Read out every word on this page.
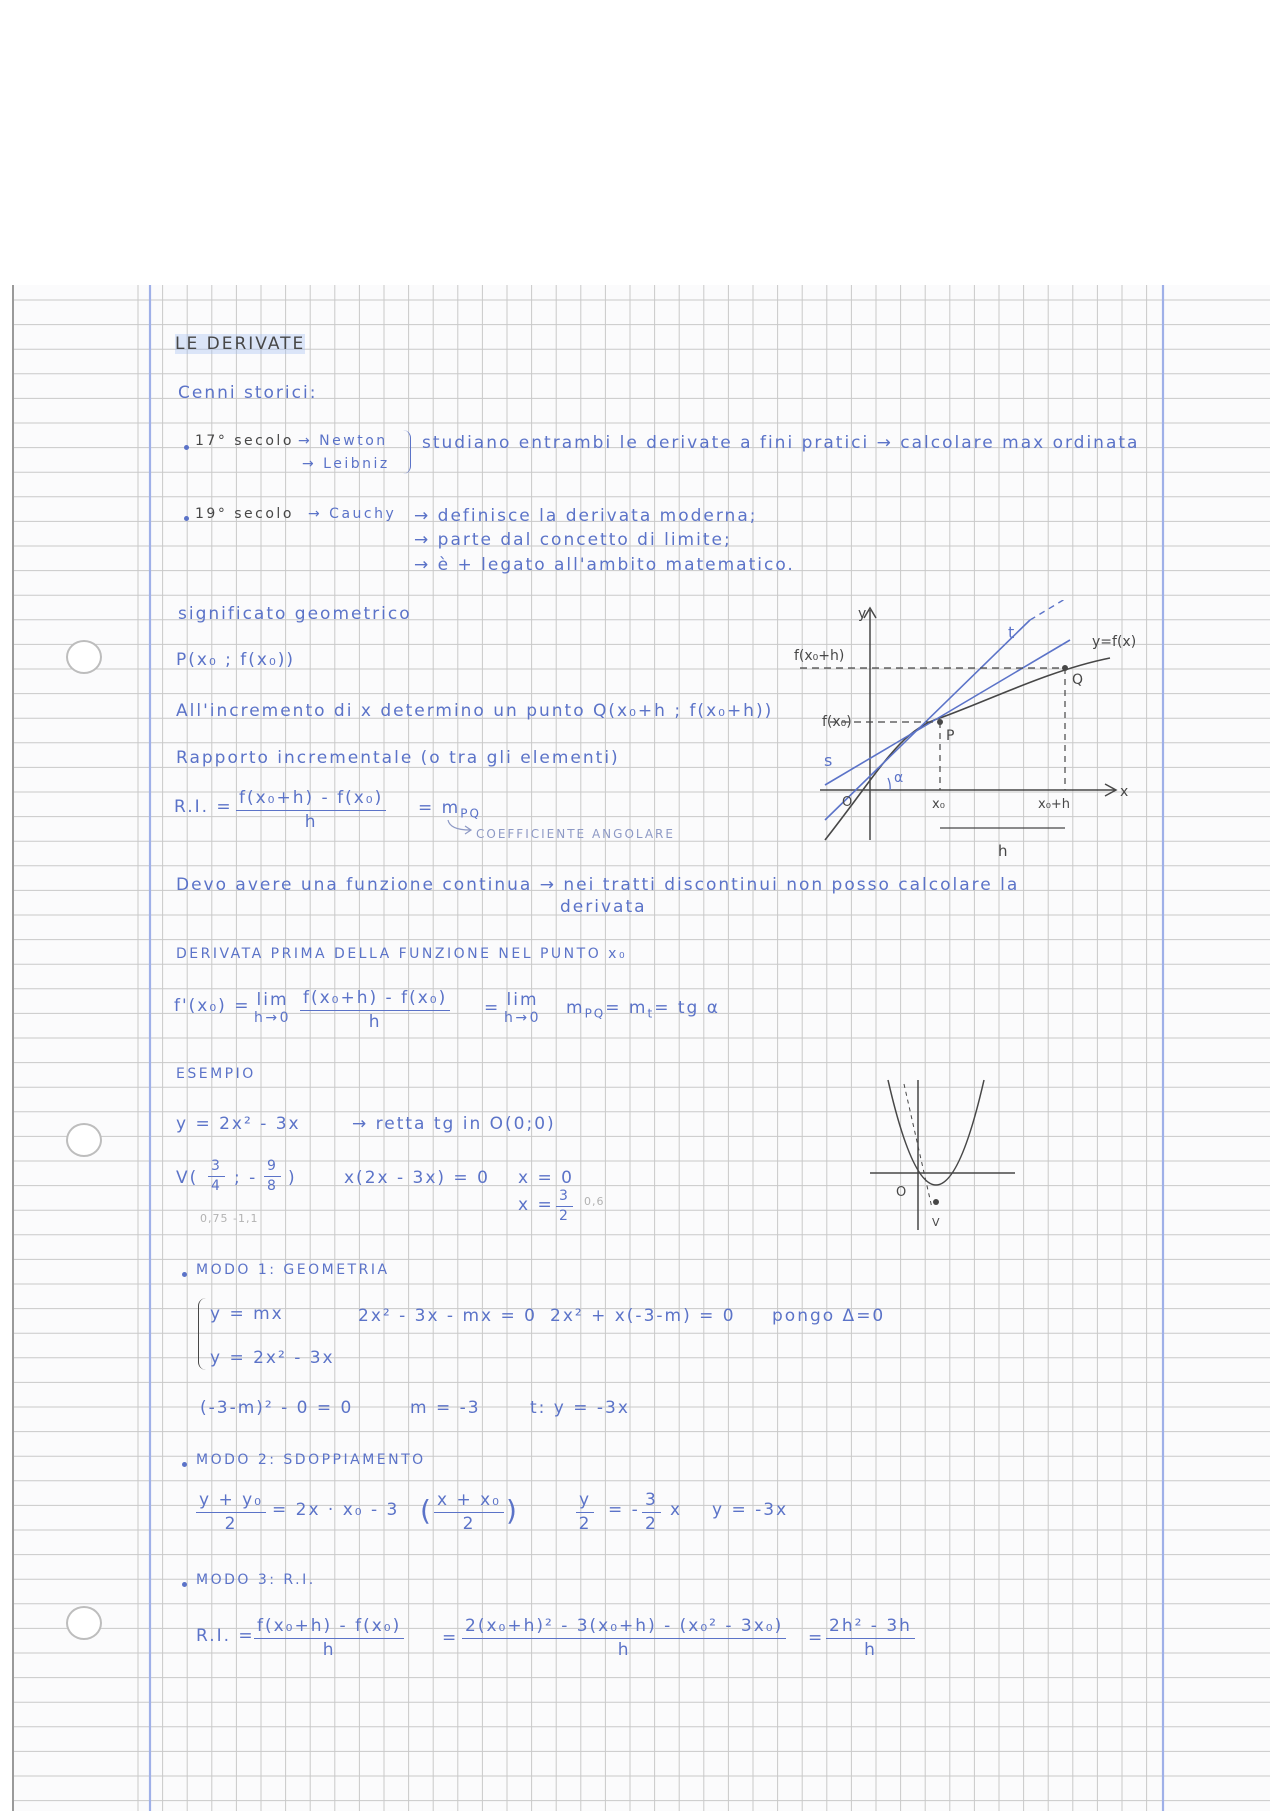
LE DERIVATE
Cenni storici:
17° secolo → Newton
→ Leibniz
studiano entrambi le derivate a fini pratici → calcolare max ordinata
19° secolo → Cauchy → definisce la derivata moderna;
→ parte dal concetto di limite;
→ è + legato all'ambito matematico.
significato geometrico
P(x₀ ; f(x₀))
All'incremento di x determino un punto Q(x₀+h ; f(x₀+h))
Rapporto incrementale (o tra gli elementi)
R.I. = $\frac{\text{f(x₀+h) - f(x₀)}}{h} = m_{PQ}$
COEFFICIENTE ANGOLARE
Devo avere una funzione continua → nei tratti discontinui non posso calcolare la
derivata
y
x
f(x₀+h)
f(x₀)
y=f(x)
t
s
α
P
Q
x₀	x₀+h
h
O
DERIVATA PRIMA DELLA FUNZIONE NEL PUNTO x₀
f'(x₀) = lim
$h\to 0 \frac{\text{f(x₀+h) - f(x₀)}}{h} = \lim$
h→0 $m_{PQ}= m_t=$ tg α
ESEMPIO
y = 2x² - 3x	→ retta tg in O(0;0)
$V( \frac{3}{4}$ ; - $\frac{9}{8}$ )
0,75 -1,1
x(2x - 3x) = 0 x = 0
$x = \frac{3}{2} 0,6$
O
V
MODO 1: GEOMETRIA
y = mx
y = 2x² - 3x
2x² - 3x - mx = 0 2x² + x(-3-m) = 0 pongo Δ=0
(-3-m)² - 0 = 0	m = -3	t: y = -3x
MODO 2: SDOPPIAMENTO
$\frac{\text{y + y₀}}{2} = 2x \cdot x_0 - 3$ ( $\frac{\text{x + x₀}}{2}$ )	$\frac{y}{2}$ = - $\frac{3}{2}$ x y = -3x
MODO 3: R.I.
R.I. = $\frac{\text{f(x₀+h) - f(x₀)}}{h} = \frac{\text{2(x₀+h)² - 3(x₀+h) - (x₀² - 3x₀)}}{h} = \frac{\text{2h² - 3h}}{h}$
